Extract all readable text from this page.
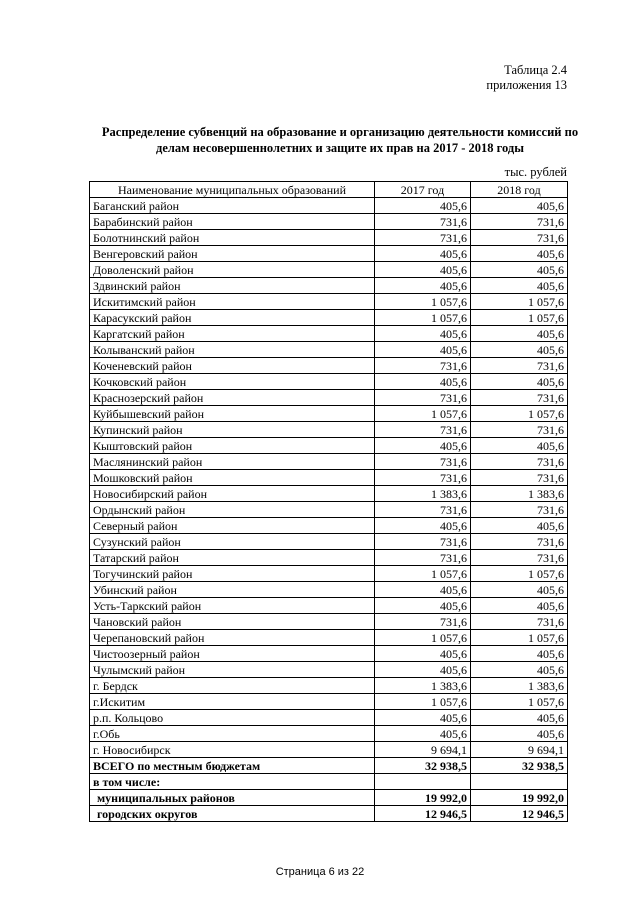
Таблица 2.4
приложения 13
Распределение субвенций на образование и организацию деятельности комиссий по
делам несовершеннолетних и защите их прав на 2017 - 2018 годы
тыс. рублей
Наименование муниципальных образований	2017 год	2018 год
Баганский район	405,6	405,6
Барабинский район	731,6	731,6
Болотнинский район	731,6	731,6
Венгеровский район	405,6	405,6
Доволенский район	405,6	405,6
Здвинский район	405,6	405,6
Искитимский район	1 057,6	1 057,6
Карасукский район	1 057,6	1 057,6
Каргатский район	405,6	405,6
Колыванский район	405,6	405,6
Коченевский район	731,6	731,6
Кочковский район	405,6	405,6
Краснозерский район	731,6	731,6
Куйбышевский район	1 057,6	1 057,6
Купинский район	731,6	731,6
Кыштовский район	405,6	405,6
Маслянинский район	731,6	731,6
Мошковский район	731,6	731,6
Новосибирский район	1 383,6	1 383,6
Ордынский район	731,6	731,6
Северный район	405,6	405,6
Сузунский район	731,6	731,6
Татарский район	731,6	731,6
Тогучинский район	1 057,6	1 057,6
Убинский район	405,6	405,6
Усть-Таркский район	405,6	405,6
Чановский район	731,6	731,6
Черепановский район	1 057,6	1 057,6
Чистоозерный район	405,6	405,6
Чулымский район	405,6	405,6
г. Бердск	1 383,6	1 383,6
г.Искитим	1 057,6	1 057,6
р.п. Кольцово	405,6	405,6
г.Обь	405,6	405,6
г. Новосибирск	9 694,1	9 694,1
ВСЕГО по местным бюджетам	32 938,5	32 938,5
в том числе:		
муниципальных районов	19 992,0	19 992,0
городских округов	12 946,5	12 946,5
Страница 6 из 22
